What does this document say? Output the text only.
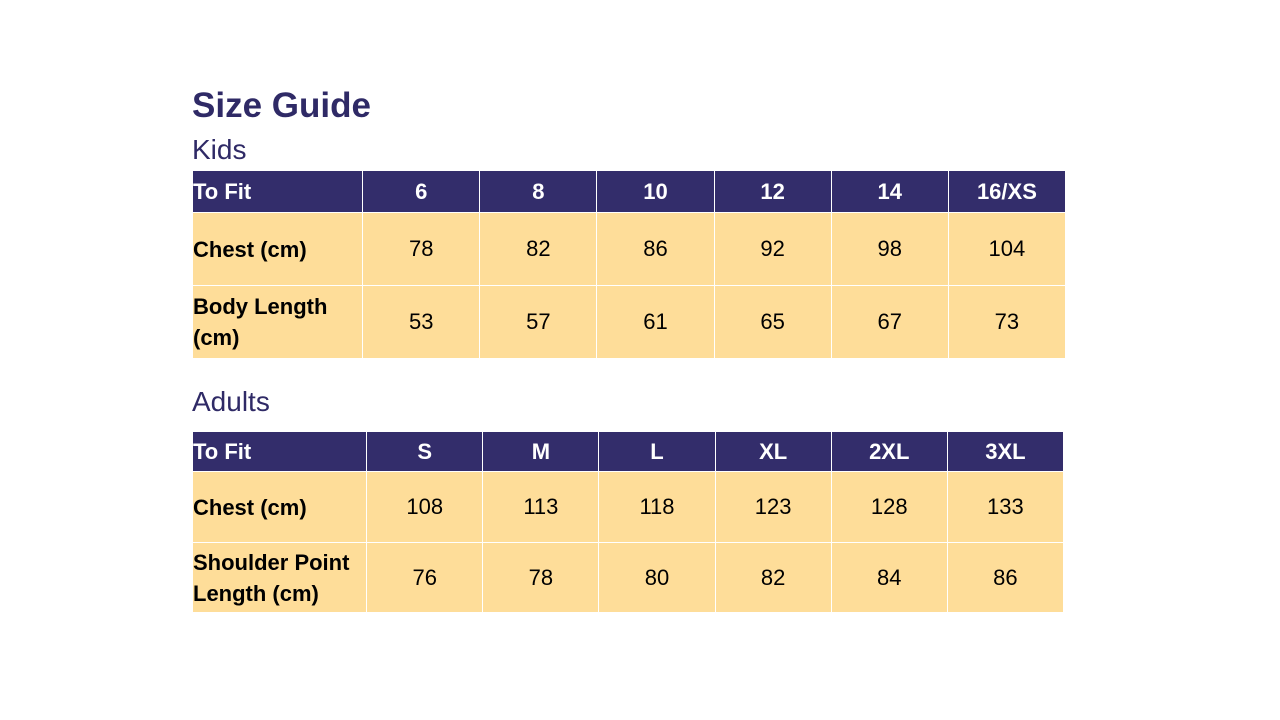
Size Guide
Kids
To Fit	6	8	10	12	14	16/XS
Chest (cm)	78	82	86	92	98	104
Body Length
(cm)	53	57	61	65	67	73
Adults
To Fit	S	M	L	XL	2XL	3XL
Chest (cm)	108	113	118	123	128	133
Shoulder Point
Length (cm)	76	78	80	82	84	86
